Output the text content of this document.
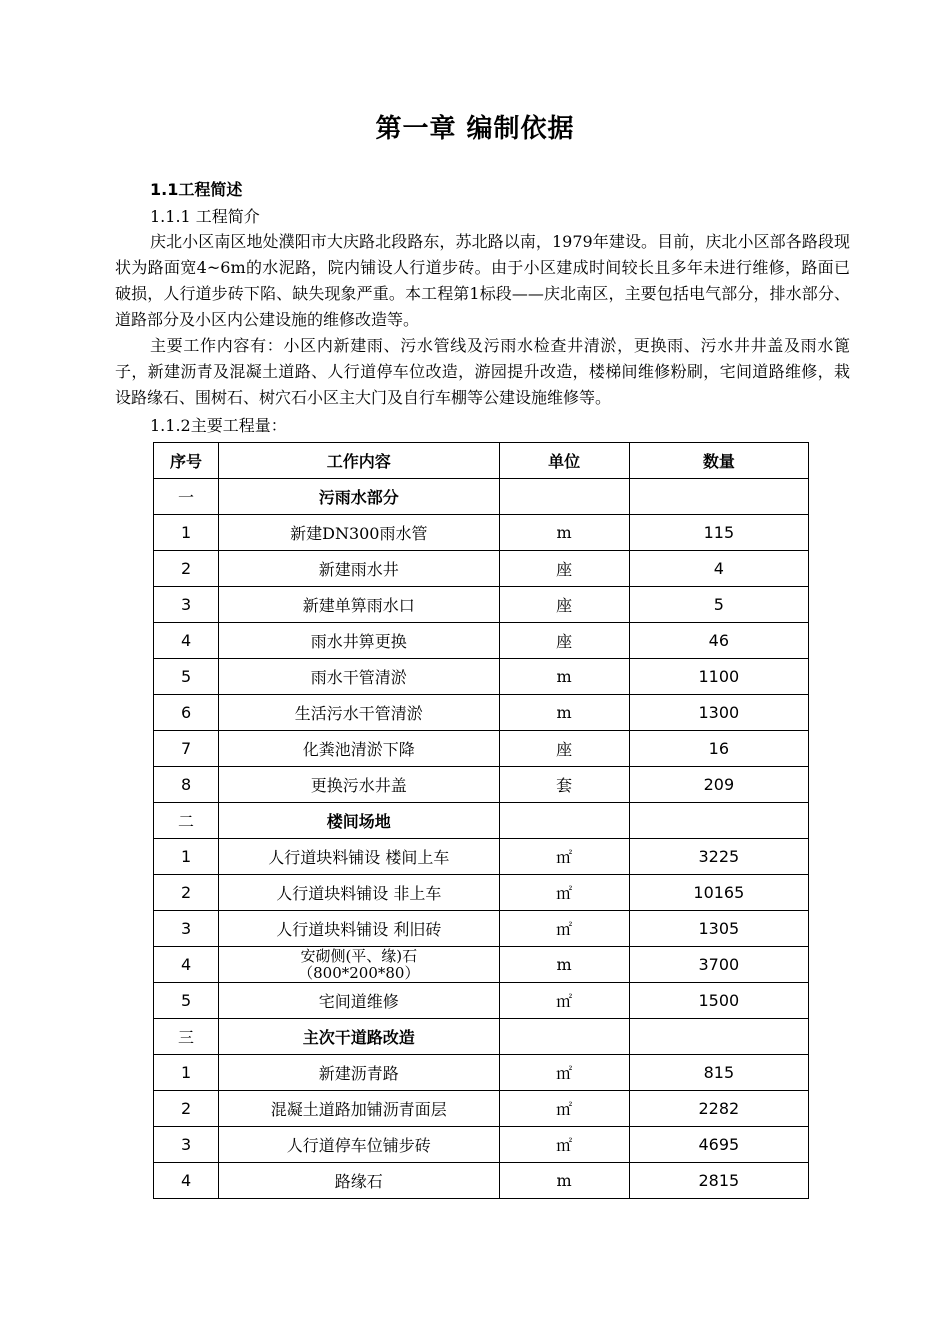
第一章 编制依据
1.1工程简述
1.1.1 工程简介
庆北小区南区地处濮阳市大庆路北段路东，苏北路以南，1979年建设。目前，庆北小区部各路段现状为路面宽4~6m的水泥路，院内铺设人行道步砖。由于小区建成时间较长且多年未进行维修，路面已破损，人行道步砖下陷、缺失现象严重。本工程第1标段——庆北南区，主要包括电气部分，排水部分、道路部分及小区内公建设施的维修改造等。
主要工作内容有：小区内新建雨、污水管线及污雨水检查井清淤，更换雨、污水井井盖及雨水篦子，新建沥青及混凝土道路、人行道停车位改造，游园提升改造，楼梯间维修粉刷，宅间道路维修，栽设路缘石、围树石、树穴石小区主大门及自行车棚等公建设施维修等。
1.1.2主要工程量：
序号	工作内容	单位	数量
一	污雨水部分		
1	新建DN300雨水管	m	115
2	新建雨水井	座	4
3	新建单箅雨水口	座	5
4	雨水井箅更换	座	46
5	雨水干管清淤	m	1100
6	生活污水干管清淤	m	1300
7	化粪池清淤下降	座	16
8	更换污水井盖	套	209
二	楼间场地		
1	人行道块料铺设 楼间上车	㎡	3225
2	人行道块料铺设 非上车	㎡	10165
3	人行道块料铺设 利旧砖	㎡	1305
4	安砌侧(平、缘)石
（800*200*80）	m	3700
5	宅间道维修	㎡	1500
三	主次干道路改造		
1	新建沥青路	㎡	815
2	混凝土道路加铺沥青面层	㎡	2282
3	人行道停车位铺步砖	㎡	4695
4	路缘石	m	2815
